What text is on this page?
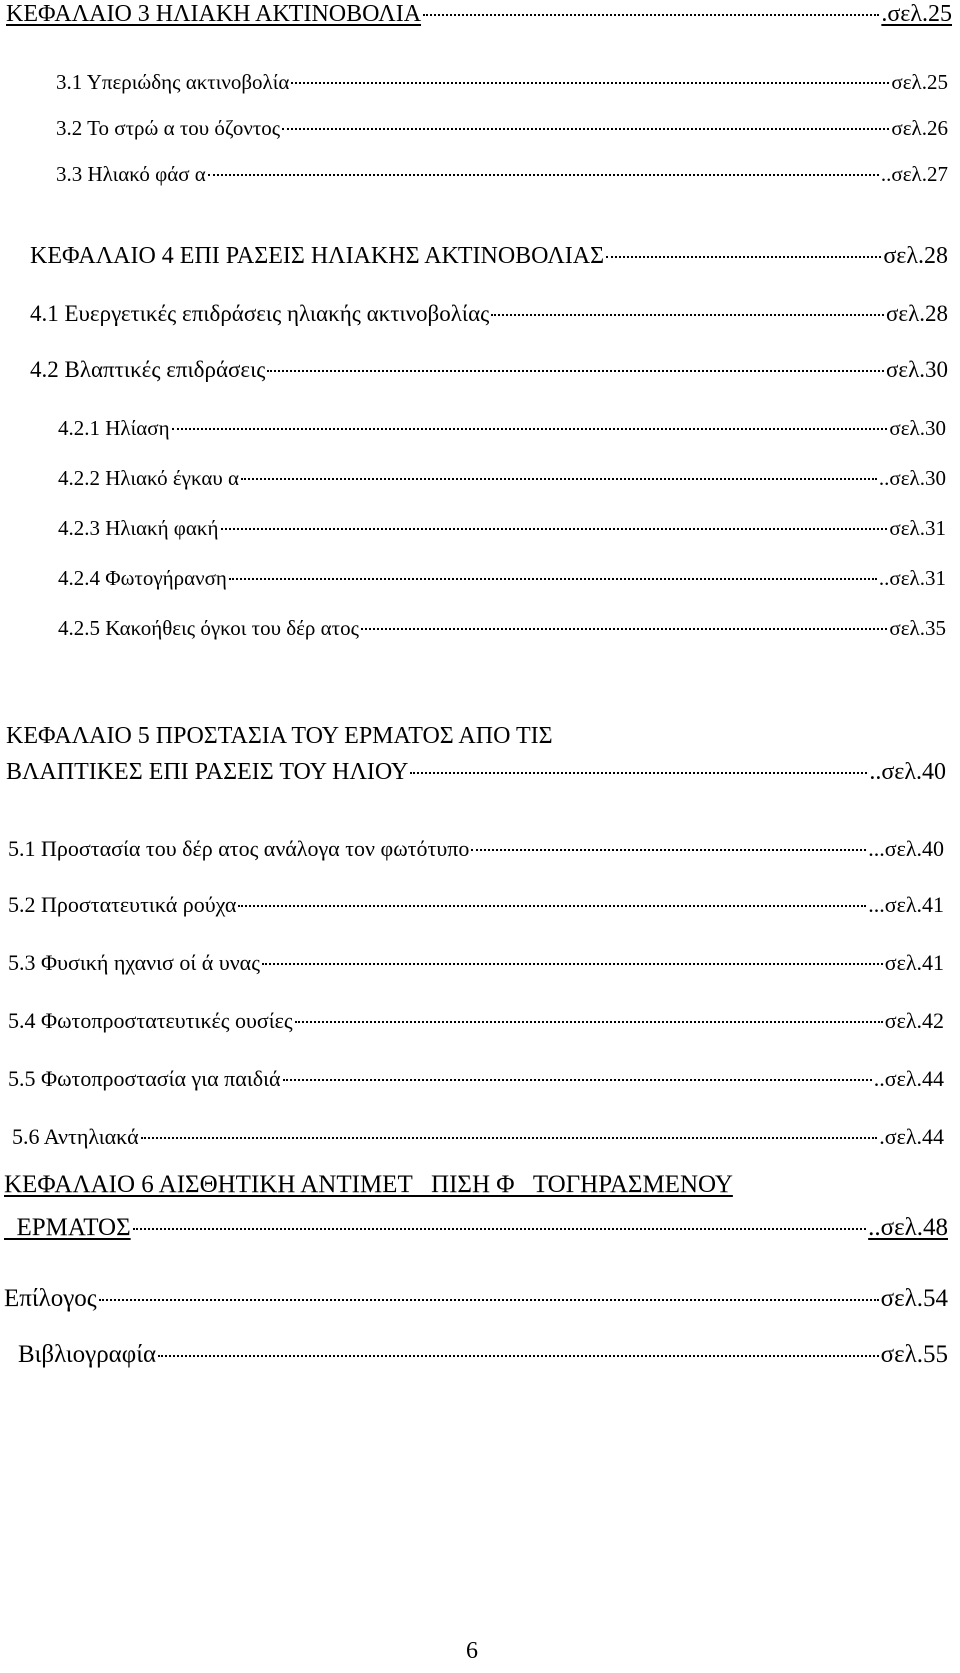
ΚΕΦΑΛΑΙΟ 3 ΗΛΙΑΚΗ ΑΚΤΙΝΟΒΟΛΙΑ	.σελ.25
3.1 Υπεριώδης ακτινοβολία	σελ.25
3.2 Το στρώ α του όζοντος	σελ.26
3.3 Ηλιακό φάσ α	..σελ.27
ΚΕΦΑΛΑΙΟ 4 ΕΠΙ ΡΑΣΕΙΣ ΗΛΙΑΚΗΣ ΑΚΤΙΝΟΒΟΛΙΑΣ	σελ.28
4.1 Ευεργετικές επιδράσεις ηλιακής ακτινοβολίας	σελ.28
4.2 Βλαπτικές επιδράσεις	σελ.30
4.2.1 Ηλίαση	σελ.30
4.2.2 Ηλιακό έγκαυ α	..σελ.30
4.2.3 Ηλιακή φακή	σελ.31
4.2.4 Φωτογήρανση	..σελ.31
4.2.5 Κακοήθεις όγκοι του δέρ ατος	σελ.35
ΚΕΦΑΛΑΙΟ 5 ΠΡΟΣΤΑΣΙΑ ΤΟΥ ΕΡΜΑΤΟΣ ΑΠΟ ΤΙΣ
ΒΛΑΠΤΙΚΕΣ ΕΠΙ ΡΑΣΕΙΣ ΤΟΥ ΗΛΙΟΥ	..σελ.40
5.1 Προστασία του δέρ ατος ανάλογα τον φωτότυπο	...σελ.40
5.2 Προστατευτικά ρούχα	...σελ.41
5.3 Φυσική ηχανισ οί ά υνας	σελ.41
5.4 Φωτοπροστατευτικές ουσίες	σελ.42
5.5 Φωτοπροστασία για παιδιά	..σελ.44
5.6 Αντηλιακά	.σελ.44
ΚΕΦΑΛΑΙΟ 6 ΑΙΣΘΗΤΙΚΗ ΑΝΤΙΜΕΤ   ΠΙΣΗ Φ   ΤΟΓΗΡΑΣΜΕΝΟΥ
ΕΡΜΑΤΟΣ	..σελ.48
Επίλογος	σελ.54
Βιβλιογραφία	σελ.55
6
